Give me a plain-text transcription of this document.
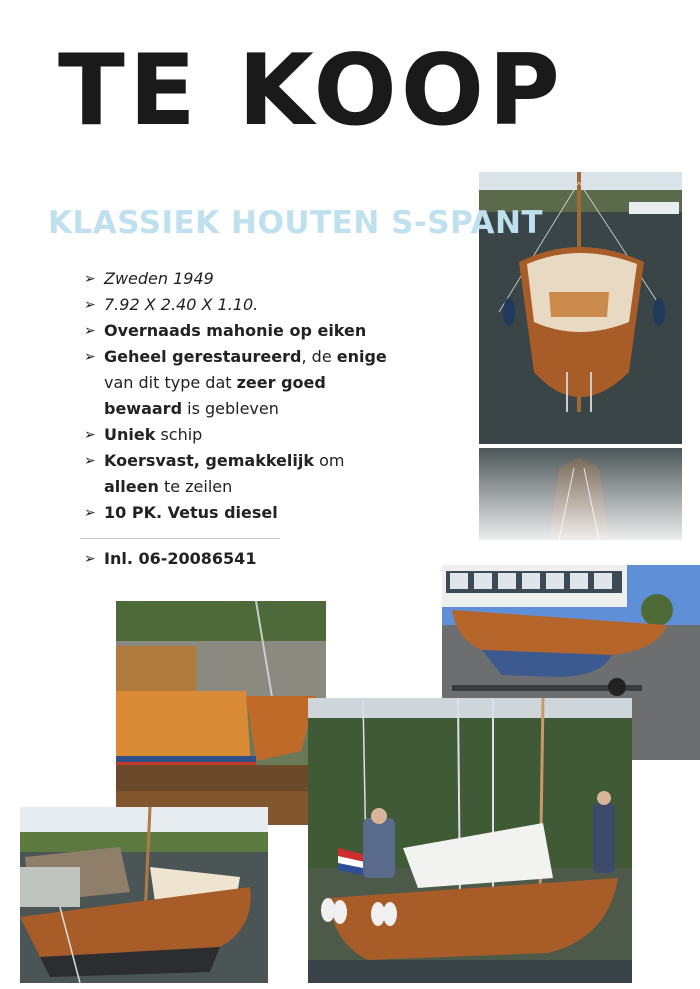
TE KOOP
KLASSIEK HOUTEN S-SPANT
➢ Zweden 1949
➢ 7.92 X 2.40 X 1.10.
➢ Overnaads mahonie op eiken
➢ Geheel gerestaureerd, de enige van dit type dat zeer goed bewaard is gebleven
➢ Uniek schip
➢ Koersvast, gemakkelijk om alleen te zeilen
➢ 10 PK. Vetus diesel
➢ Inl. 06-20086541
